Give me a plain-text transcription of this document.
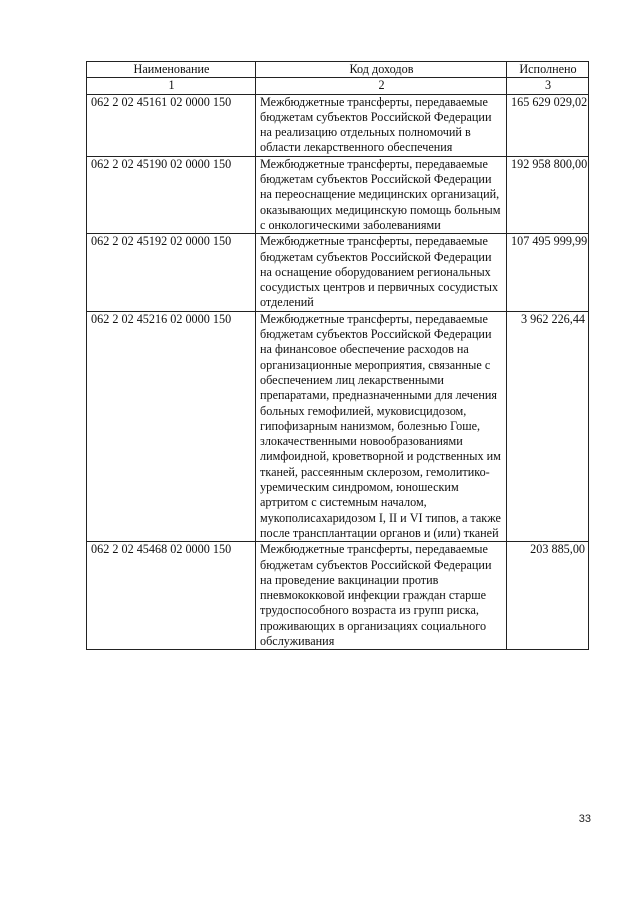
Наименование	Код доходов	Исполнено
1	2	3
062 2 02 45161 02 0000 150	Межбюджетные трансферты, передаваемые бюджетам субъектов Российской Федерации на реализацию отдельных полномочий в области лекарственного обеспечения	165 629 029,02
062 2 02 45190 02 0000 150	Межбюджетные трансферты, передаваемые бюджетам субъектов Российской Федерации на переоснащение медицинских организаций, оказывающих медицинскую помощь больным с онкологическими заболеваниями	192 958 800,00
062 2 02 45192 02 0000 150	Межбюджетные трансферты, передаваемые бюджетам субъектов Российской Федерации на оснащение оборудованием региональных сосудистых центров и первичных сосудистых отделений	107 495 999,99
062 2 02 45216 02 0000 150	Межбюджетные трансферты, передаваемые бюджетам субъектов Российской Федерации на финансовое обеспечение расходов на организационные мероприятия, связанные с обеспечением лиц лекарственными препаратами, предназначенными для лечения больных гемофилией, муковисцидозом, гипофизарным нанизмом, болезнью Гоше, злокачественными новообразованиями лимфоидной, кроветворной и родственных им тканей, рассеянным склерозом, гемолитико-уремическим синдромом, юношеским артритом с системным началом, мукополисахаридозом I, II и VI типов, а также после трансплантации органов и (или) тканей	3 962 226,44
062 2 02 45468 02 0000 150	Межбюджетные трансферты, передаваемые бюджетам субъектов Российской Федерации на проведение вакцинации против пневмококковой инфекции граждан старше трудоспособного возраста из групп риска, проживающих в организациях социального обслуживания	203 885,00
33
